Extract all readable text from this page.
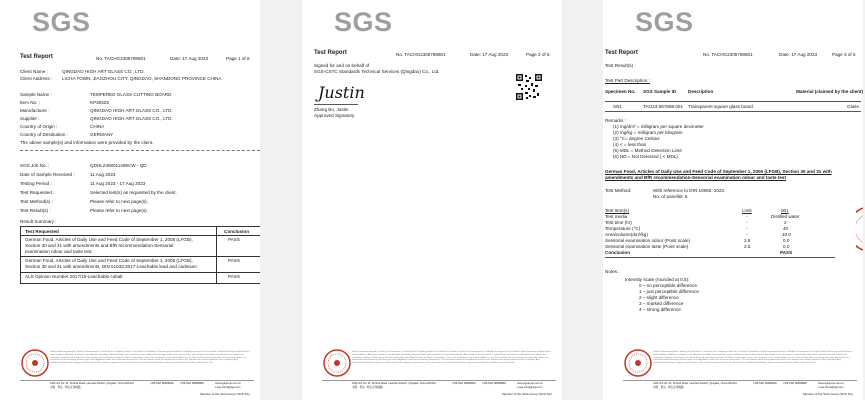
SGS
Test Report	No. TACHG2305788801	Date: 17 Aug 2023	Page 1 of 6
Client Name :	QINGDAO HIGH ART GLASS CO., LTD.
Client Address : LICHA TOWN, JIAOZHOU CITY, QINGDAO, SHANDONG PROVINCE CHINA
Sample Name :	TEMPERED GLASS CUTTING BOARD
Item No. :	KP30525
Manufacturer :	QINGDAO HIGH ART GLASS CO., LTD.
Supplier :	QINGDAO HIGH ART GLASS CO., LTD.
Country of Origin :	CHINA
Country of Destination :	GERMANY
The above sample(s) and information were provided by the client.
SGS Job No. :	QDHL2308011499CW - QD
Date of Sample Received :	11 Aug 2023
Testing Period :	11 Aug 2023 - 17 Aug 2023
Test Requested :	Selected test(s) as requested by the client.
Test Method(s) :	Please refer to next page(s).
Test Result(s) :	Please refer to next page(s).
Result Summary :
Test Requested	Conclusion
German Food, Articles of Daily Use and Feed Code of September 1, 2005 (LFGB),
Section 30 and 31 with amendments and BfR recommendation-Sensorial
examination odour and taste test
PASS
German Food, Articles of Daily Use and Feed Code of September 1, 2005 (LFGB),
Section 30 and 31 with amendments, DIN 51032:2017-Leachable lead and cadmium
PASS
ALS Opinion Number 2017/15-Leachable cobalt	PASS
Unless otherwise agreed in writing, this document is issued by the Company subject to its General Conditions of Service printed overleaf, available on request or accessible at https://www.sgs.com/en/Terms-and-Conditions. Attention is drawn to the limitation of liability, indemnification and jurisdiction issues defined therein. Any holder of this document is advised that information contained hereon reflects the Company's findings at the time of its intervention only and within the limits of Client's instructions, if any. The Company's sole responsibility is to its Client and this document does not exonerate parties to a transaction from exercising all their rights and obligations under the transaction documents. This document cannot be reproduced except in full, without prior written approval of the Company. Any unauthorized alteration, forgery or falsification of the content or appearance of this document is unlawful and offenders may be prosecuted to the fullest extent of the law.
19/F,Unit No. 01, Zhuhai Road, Laoshan District, Qingdao, China 266101
中国 · 青岛 · 崂山区珠海路
t (86-532) 68999999 f (86-532) 68999888	www.sgsgroup.com.cn
e sgs.china@sgs.com
Member of the SGS Group (SGS SA)
SGS
Test Report	No. TACHG2305788801	Date: 17 Aug 2023	Page 2 of 6
Signed for and on behalf of
SGS-CSTC Standards Technical Services (Qingdao) Co., Ltd.
Justin
Zhang Bo, Justin
Approved Signatory
Unless otherwise agreed in writing, this document is issued by the Company subject to its General Conditions of Service printed overleaf, available on request or accessible at https://www.sgs.com/en/Terms-and-Conditions. Attention is drawn to the limitation of liability, indemnification and jurisdiction issues defined therein. Any holder of this document is advised that information contained hereon reflects the Company's findings at the time of its intervention only and within the limits of Client's instructions, if any. The Company's sole responsibility is to its Client and this document does not exonerate parties to a transaction from exercising all their rights and obligations under the transaction documents. This document cannot be reproduced except in full, without prior written approval of the Company. Any unauthorized alteration, forgery or falsification of the content or appearance of this document is unlawful and offenders may be prosecuted to the fullest extent of the law.
19/F,Unit No. 01, Zhuhai Road, Laoshan District, Qingdao, China 266101
中国 · 青岛 · 崂山区珠海路
t (86-532) 68999999 f (86-532) 68999888	www.sgsgroup.com.cn
e sgs.china@sgs.com
Member of the SGS Group (SGS SA)
SGS
Test Report	No. TACHG2305788801	Date: 17 Aug 2023	Page 3 of 6
Test Result(s) :
Test Part Description :
Specimen No. SGS Sample ID	Description	Material (claimed by the client)
SN1	TAO23-057688.001 Transparent square glass board	Glass
Remarks :
(1) mg/dm² = milligram per square decimeter
(2) mg/kg = milligram per kilogram
(3) °C= degree Celsius
(4) < = less than
(5) MDL = Method Detection Limit
(6) ND = Not Detected ( < MDL)
German Food, Articles of Daily Use and Feed Code of September 1, 2005 (LFGB), Section 30 and 31 with
amendments and BfR recommendation-Sensorial examination odour and taste test
Test Method:	With reference to DIN 10955: 2023.
No. of panelist: 6
Test Item(s)	Limit	001
Test media	-	Distilled water
Test time (hr)	-	2
Temperature (°C)	-	40
Area/volume(dm²/kg)	-	10.0
Sensorial examination odour (Point scale)	2.5	0.0
Sensorial examination taste (Point scale)	2.5	0.0
Conclusion	PASS
Notes :
Intensity scale (rounded at 0.5):
0 – no perceptible difference
1 – just perceptible difference
2 – slight difference
3 – marked difference
4 – strong difference
Unless otherwise agreed in writing, this document is issued by the Company subject to its General Conditions of Service printed overleaf, available on request or accessible at https://www.sgs.com/en/Terms-and-Conditions. Attention is drawn to the limitation of liability, indemnification and jurisdiction issues defined therein. Any holder of this document is advised that information contained hereon reflects the Company's findings at the time of its intervention only and within the limits of Client's instructions, if any. The Company's sole responsibility is to its Client and this document does not exonerate parties to a transaction from exercising all their rights and obligations under the transaction documents. This document cannot be reproduced except in full, without prior written approval of the Company. Any unauthorized alteration, forgery or falsification of the content or appearance of this document is unlawful and offenders may be prosecuted to the fullest extent of the law.
19/F,Unit No. 01, Zhuhai Road, Laoshan District, Qingdao, China 266101
中国 · 青岛 · 崂山区珠海路
t (86-532) 68999999 f (86-532) 68999888	www.sgsgroup.com.cn
e sgs.china@sgs.com
Member of the SGS Group (SGS SA)
